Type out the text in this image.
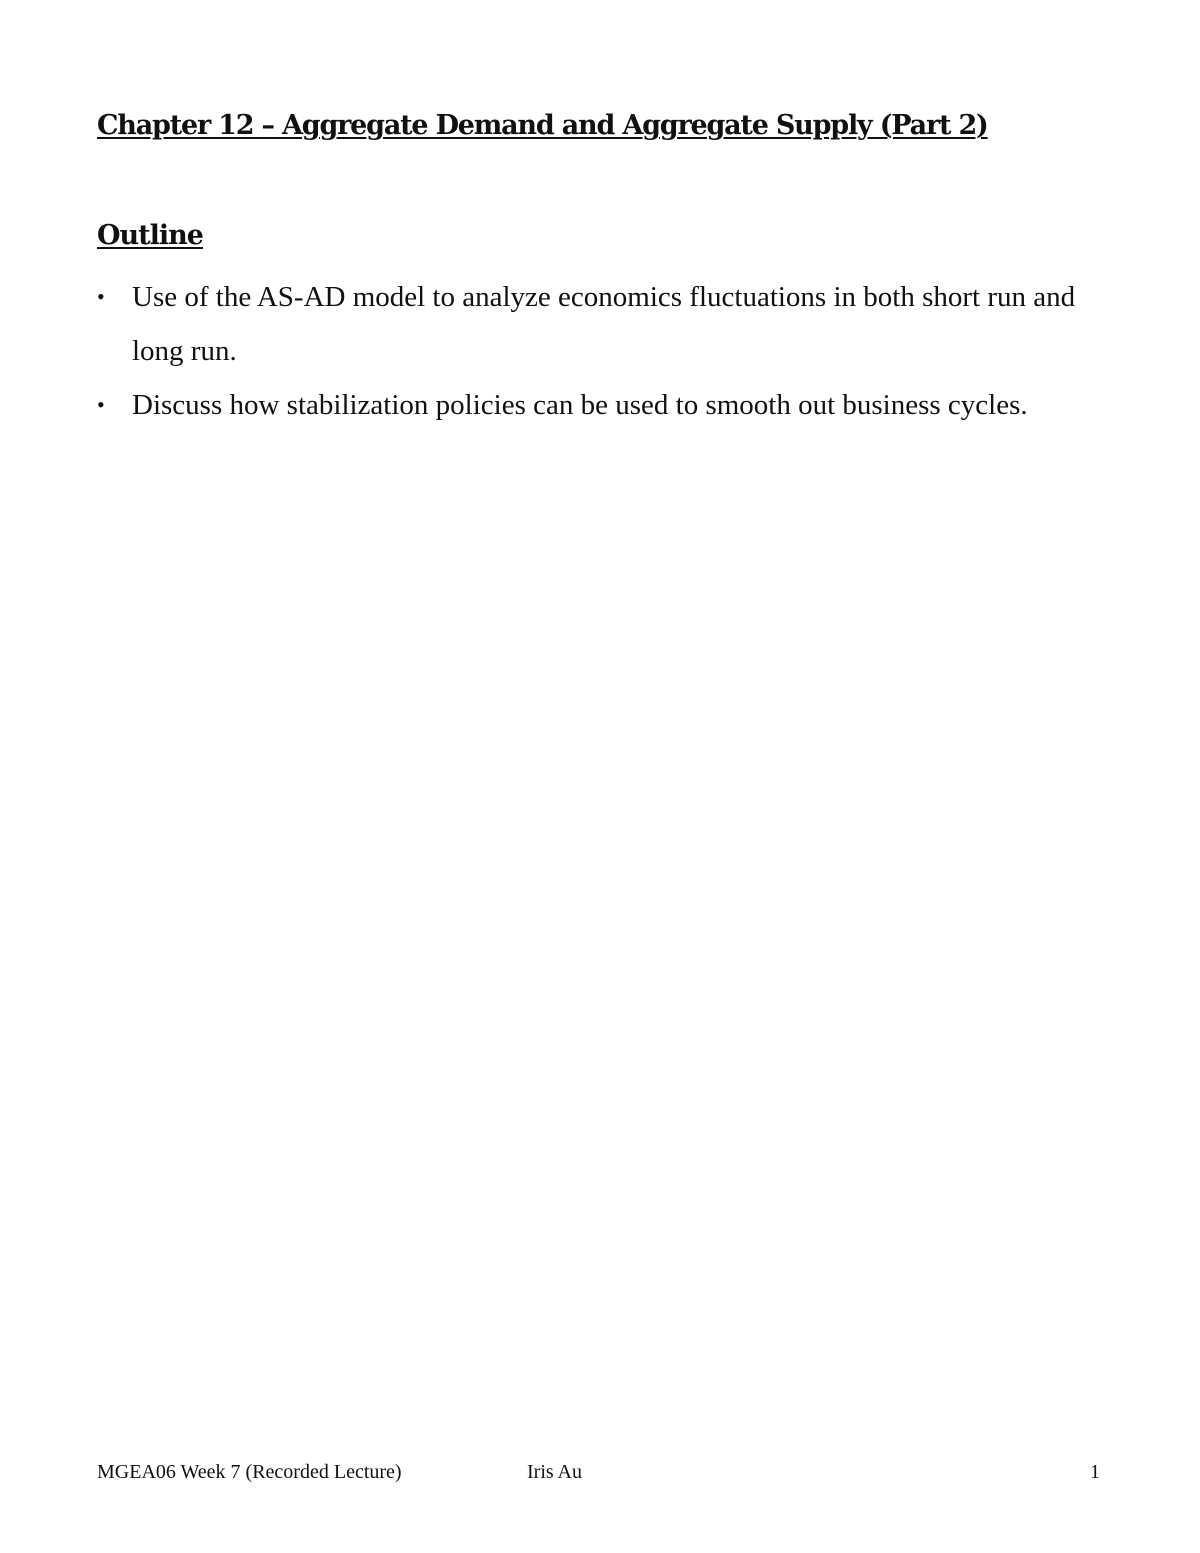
Chapter 12 – Aggregate Demand and Aggregate Supply (Part 2)
Outline
• Use of the AS-AD model to analyze economics fluctuations in both short run and long run.
• Discuss how stabilization policies can be used to smooth out business cycles.
MGEA06 Week 7 (Recorded Lecture)	Iris Au	1
